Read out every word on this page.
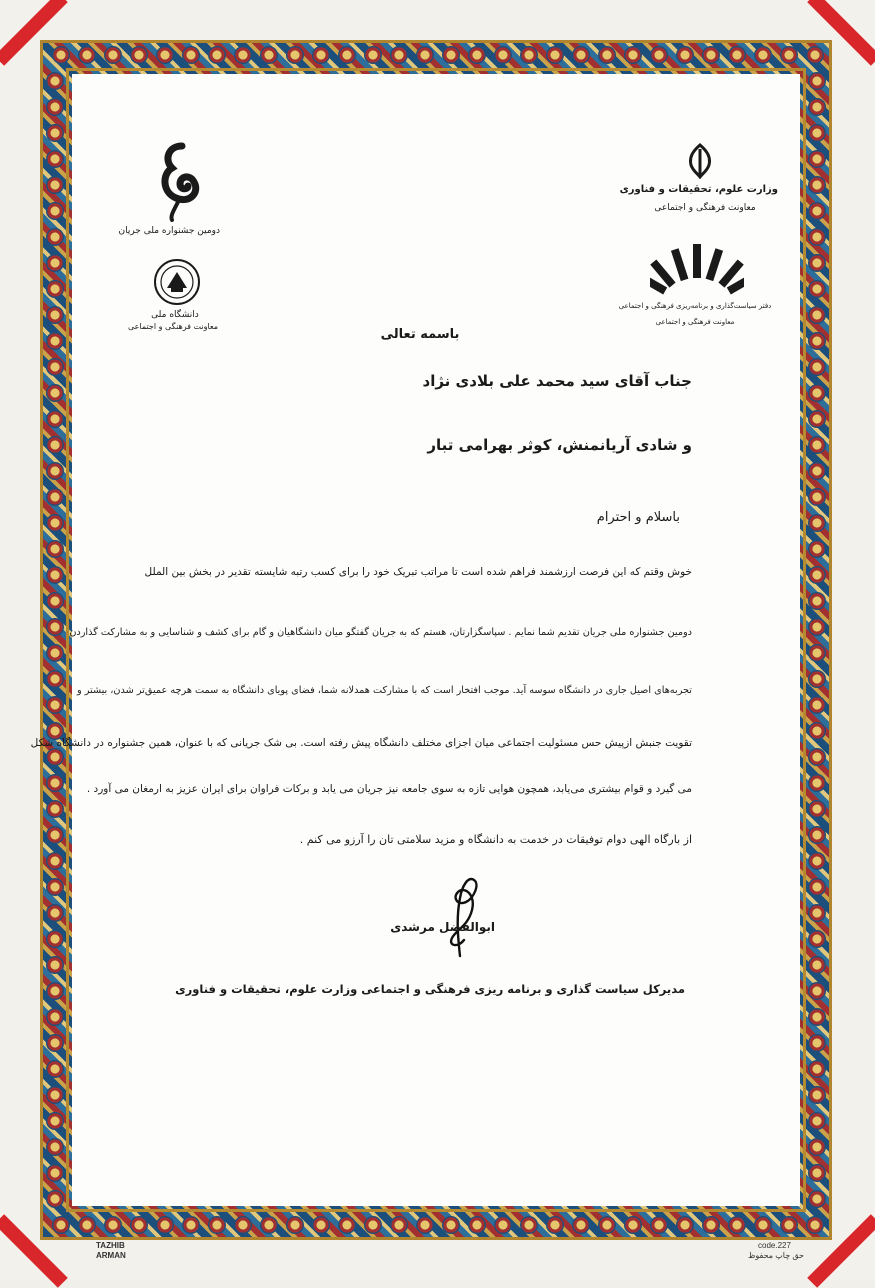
دومین جشنواره ملی جریان
دانشگاه ملی
معاونت فرهنگی و اجتماعی
وزارت علوم، تحقیقات و فناوری
معاونت فرهنگی و اجتماعی
دفتر سیاست‌گذاری و برنامه‌ریزی فرهنگی و اجتماعی
معاونت فرهنگی و اجتماعی
باسمه تعالی
جناب آقای سید محمد علی بلادی نژاد
و شادی آریانمنش، کوثر بهرامی تبار
باسلام و احترام
خوش وقتم که این فرصت ارزشمند فراهم شده است تا مراتب تبریک خود را برای کسب رتبه شایسته تقدیر در بخش بین الملل
دومین جشنواره ملی جریان تقدیم شما نمایم . سپاسگزارتان، هستم که به جریان گفتگو میان دانشگاهیان و گام برای کشف و شناسایی و به مشارکت گذاردن
تجربه‌های اصیل جاری در دانشگاه سوسه آید. موجب افتخار است که با مشارکت همدلانه شما، فضای پویای دانشگاه به سمت هرچه عمیق‌تر شدن، بیشتر و
تقویت جنبش ازپیش حس مسئولیت اجتماعی میان اجزای مختلف دانشگاه پیش رفته است. بی شک جریانی که با عنوان، همین جشنواره در دانشگاه شکل
می گیرد و قوام بیشتری می‌یابد، همچون هوایی تازه به سوی جامعه نیز جریان می یابد و برکات فراوان برای ایران عزیز به ارمغان می آورد .
از بارگاه الهی دوام توفیقات در خدمت به دانشگاه و مزید سلامتی تان را آرزو می کنم .
ابوالفضل مرشدی
مدیرکل سیاست گذاری و برنامه ریزی فرهنگی و اجتماعی وزارت علوم، تحقیقات و فناوری
TAZHIB
ARMAN
code.227
حق چاپ محفوظ
